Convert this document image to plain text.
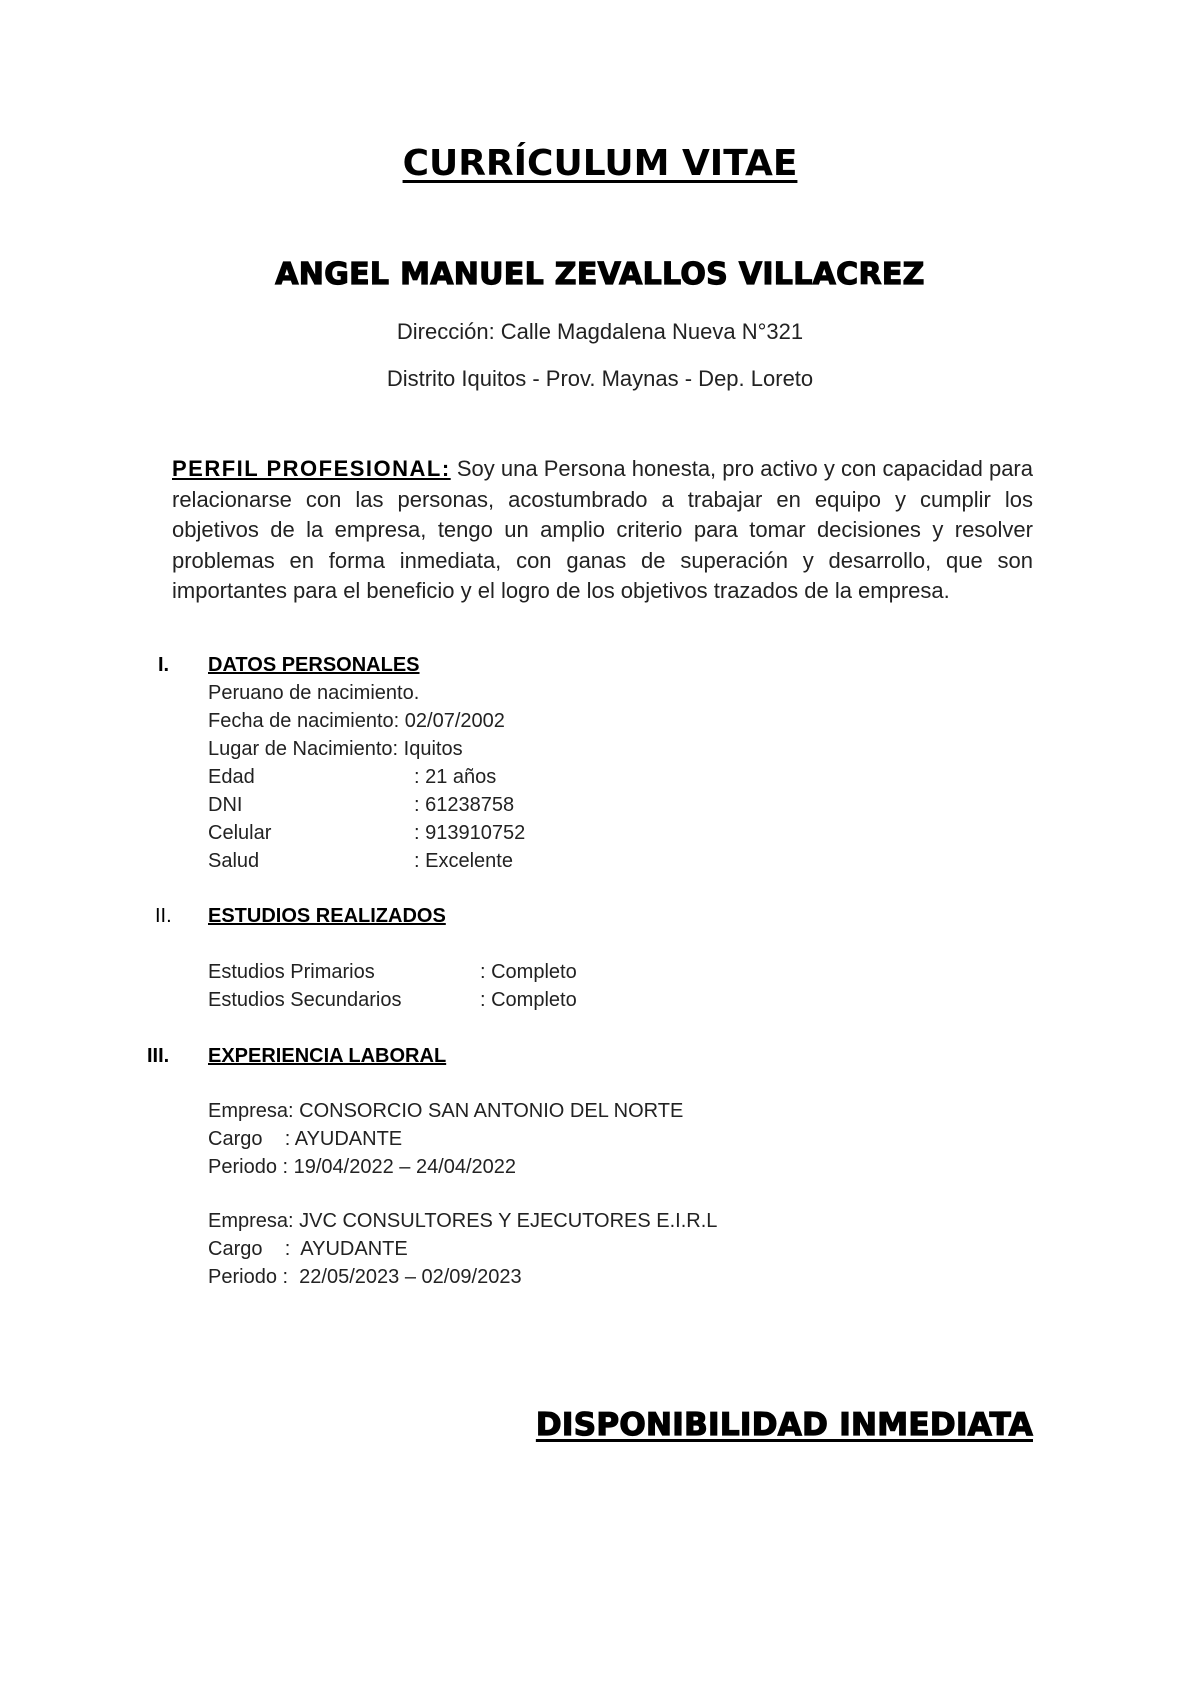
CURRÍCULUM VITAE
ANGEL MANUEL ZEVALLOS VILLACREZ
Dirección: Calle Magdalena Nueva N°321
Distrito Iquitos - Prov. Maynas - Dep. Loreto
PERFIL PROFESIONAL: Soy una Persona honesta, pro activo y con capacidad para relacionarse con las personas, acostumbrado a trabajar en equipo y cumplir los objetivos de la empresa, tengo un amplio criterio para tomar decisiones y resolver problemas en forma inmediata, con ganas de superación y desarrollo, que son importantes para el beneficio y el logro de los objetivos trazados de la empresa.
I. DATOS PERSONALES
Peruano de nacimiento.
Fecha de nacimiento: 02/07/2002
Lugar de Nacimiento: Iquitos
Edad	: 21 años
DNI	: 61238758
Celular	: 913910752
Salud	: Excelente
II. ESTUDIOS REALIZADOS
Estudios Primarios	: Completo
Estudios Secundarios	: Completo
III. EXPERIENCIA LABORAL
Empresa: CONSORCIO SAN ANTONIO DEL NORTE
Cargo    : AYUDANTE
Periodo : 19/04/2022 – 24/04/2022
Empresa: JVC CONSULTORES Y EJECUTORES E.I.R.L
Cargo    :  AYUDANTE
Periodo :  22/05/2023 – 02/09/2023
DISPONIBILIDAD INMEDIATA
